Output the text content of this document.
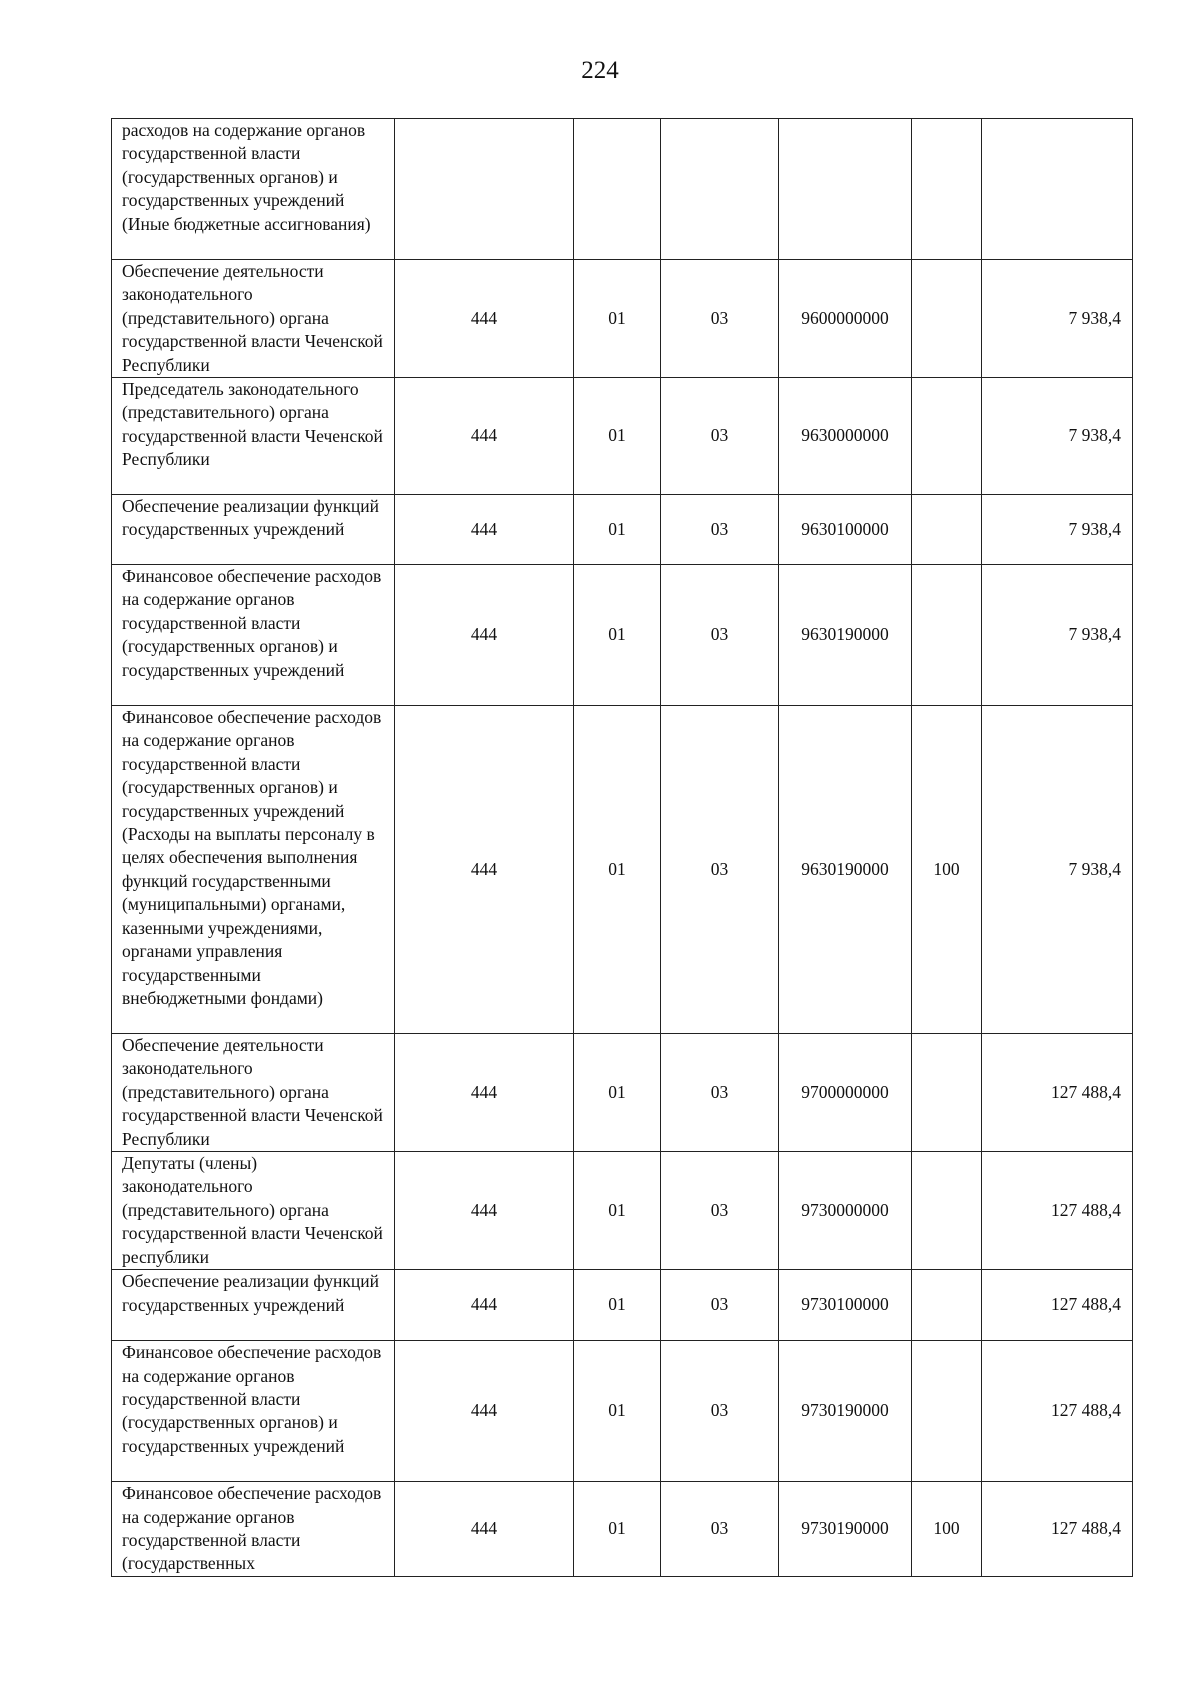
224
расходов на содержание органов государственной власти (государственных органов) и государственных учреждений (Иные бюджетные ассигнования)						
Обеспечение деятельности законодательного (представительного) органа государственной власти Чеченской Республики	444	01	03	9600000000		7 938,4
Председатель законодательного (представительного) органа государственной власти Чеченской Республики	444	01	03	9630000000		7 938,4
Обеспечение реализации функций государственных учреждений	444	01	03	9630100000		7 938,4
Финансовое обеспечение расходов на содержание органов государственной власти (государственных органов) и государственных учреждений	444	01	03	9630190000		7 938,4
Финансовое обеспечение расходов на содержание органов государственной власти (государственных органов) и государственных учреждений (Расходы на выплаты персоналу в целях обеспечения выполнения функций государственными (муниципальными) органами, казенными учреждениями, органами управления государственными внебюджетными фондами)	444	01	03	9630190000	100	7 938,4
Обеспечение деятельности законодательного (представительного) органа государственной власти Чеченской Республики	444	01	03	9700000000		127 488,4
Депутаты (члены) законодательного (представительного) органа государственной власти Чеченской республики	444	01	03	9730000000		127 488,4
Обеспечение реализации функций государственных учреждений	444	01	03	9730100000		127 488,4
Финансовое обеспечение расходов на содержание органов государственной власти (государственных органов) и государственных учреждений	444	01	03	9730190000		127 488,4
Финансовое обеспечение расходов на содержание органов государственной власти (государственных	444	01	03	9730190000	100	127 488,4
